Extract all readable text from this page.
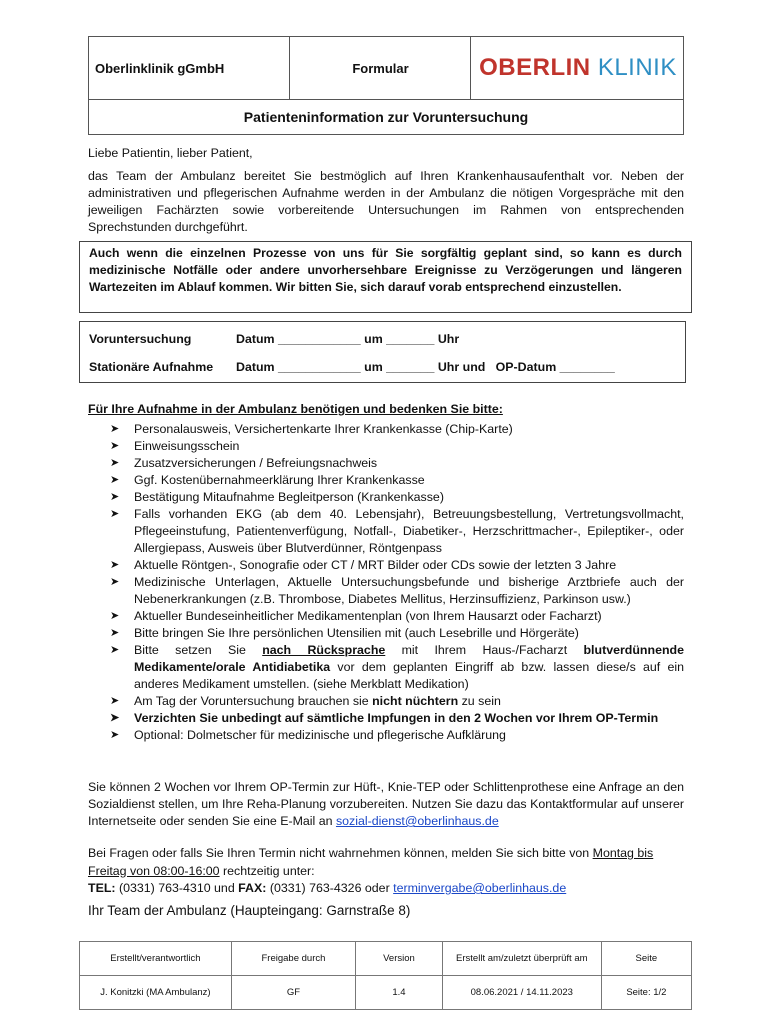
Oberlinklinik gGmbH	Formular	OBERLIN KLINIK
Patienteninformation zur Voruntersuchung
Liebe Patientin, lieber Patient,
das Team der Ambulanz bereitet Sie bestmöglich auf Ihren Krankenhausaufenthalt vor. Neben der administrativen und pflegerischen Aufnahme werden in der Ambulanz die nötigen Vorgespräche mit den jeweiligen Fachärzten sowie vorbereitende Untersuchungen im Rahmen von entsprechenden Sprechstunden durchgeführt.
Auch wenn die einzelnen Prozesse von uns für Sie sorgfältig geplant sind, so kann es durch medizinische Notfälle oder andere unvorhersehbare Ereignisse zu Verzögerungen und längeren Wartezeiten im Ablauf kommen. Wir bitten Sie, sich darauf vorab entsprechend einzustellen.
Voruntersuchung	Datum ____________ um _______ Uhr
Stationäre Aufnahme Datum ____________ um _______ Uhr und   OP-Datum ________
Für Ihre Aufnahme in der Ambulanz benötigen und bedenken Sie bitte:
➤ Personalausweis, Versichertenkarte Ihrer Krankenkasse (Chip-Karte)
➤ Einweisungsschein
➤ Zusatzversicherungen / Befreiungsnachweis
➤ Ggf. Kostenübernahmeerklärung Ihrer Krankenkasse
➤ Bestätigung Mitaufnahme Begleitperson (Krankenkasse)
➤ Falls vorhanden EKG (ab dem 40. Lebensjahr), Betreuungsbestellung, Vertretungsvollmacht, Pflegeeinstufung, Patientenverfügung, Notfall-, Diabetiker-, Herzschrittmacher-, Epileptiker-, oder Allergiepass, Ausweis über Blutverdünner, Röntgenpass
➤ Aktuelle Röntgen-, Sonografie oder CT / MRT Bilder oder CDs sowie der letzten 3 Jahre
➤ Medizinische Unterlagen, Aktuelle Untersuchungsbefunde und bisherige Arztbriefe auch der Nebenerkrankungen (z.B. Thrombose, Diabetes Mellitus, Herzinsuffizienz, Parkinson usw.)
➤ Aktueller Bundeseinheitlicher Medikamentenplan (von Ihrem Hausarzt oder Facharzt)
➤ Bitte bringen Sie Ihre persönlichen Utensilien mit (auch Lesebrille und Hörgeräte)
➤ Bitte setzen Sie nach Rücksprache mit Ihrem Haus-/Facharzt blutverdünnende Medikamente/orale Antidiabetika vor dem geplanten Eingriff ab bzw. lassen diese/s auf ein anderes Medikament umstellen. (siehe Merkblatt Medikation)
➤ Am Tag der Voruntersuchung brauchen sie nicht nüchtern zu sein
➤ Verzichten Sie unbedingt auf sämtliche Impfungen in den 2 Wochen vor Ihrem OP-Termin
➤ Optional: Dolmetscher für medizinische und pflegerische Aufklärung
Sie können 2 Wochen vor Ihrem OP-Termin zur Hüft-, Knie-TEP oder Schlittenprothese eine Anfrage an den Sozialdienst stellen, um Ihre Reha-Planung vorzubereiten. Nutzen Sie dazu das Kontaktformular auf unserer Internetseite oder senden Sie eine E-Mail an sozial-dienst@oberlinhaus.de
Bei Fragen oder falls Sie Ihren Termin nicht wahrnehmen können, melden Sie sich bitte von Montag bis Freitag von 08:00-16:00 rechtzeitig unter:
TEL: (0331) 763-4310 und FAX: (0331) 763-4326 oder terminvergabe@oberlinhaus.de
Ihr Team der Ambulanz (Haupteingang: Garnstraße 8)
Erstellt/verantwortlich	Freigabe durch	Version	Erstellt am/zuletzt überprüft am	Seite
J. Konitzki (MA Ambulanz)	GF	1.4	08.06.2021 / 14.11.2023	Seite: 1/2
